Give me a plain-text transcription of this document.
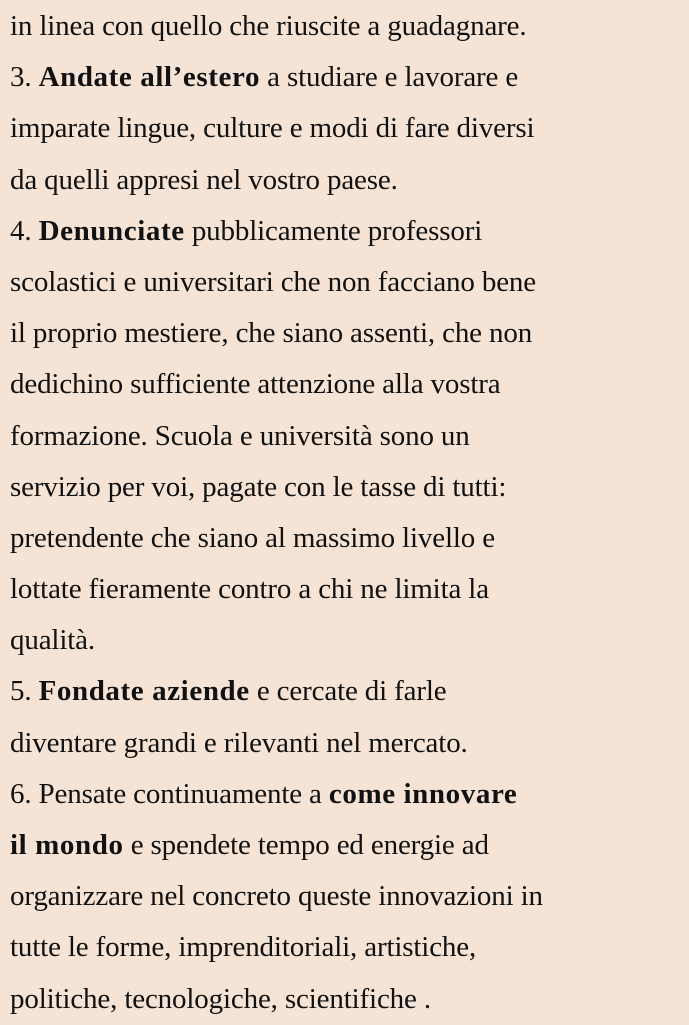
in linea con quello che riuscite a guadagnare.
3. Andate all’estero a studiare e lavorare e
imparate lingue, culture e modi di fare diversi
da quelli appresi nel vostro paese.
4. Denunciate pubblicamente professori
scolastici e universitari che non facciano bene
il proprio mestiere, che siano assenti, che non
dedichino sufficiente attenzione alla vostra
formazione. Scuola e università sono un
servizio per voi, pagate con le tasse di tutti:
pretendente che siano al massimo livello e
lottate fieramente contro a chi ne limita la
qualità.
5. Fondate aziende e cercate di farle
diventare grandi e rilevanti nel mercato.
6. Pensate continuamente a come innovare
il mondo e spendete tempo ed energie ad
organizzare nel concreto queste innovazioni in
tutte le forme, imprenditoriali, artistiche,
politiche, tecnologiche, scientifiche .
